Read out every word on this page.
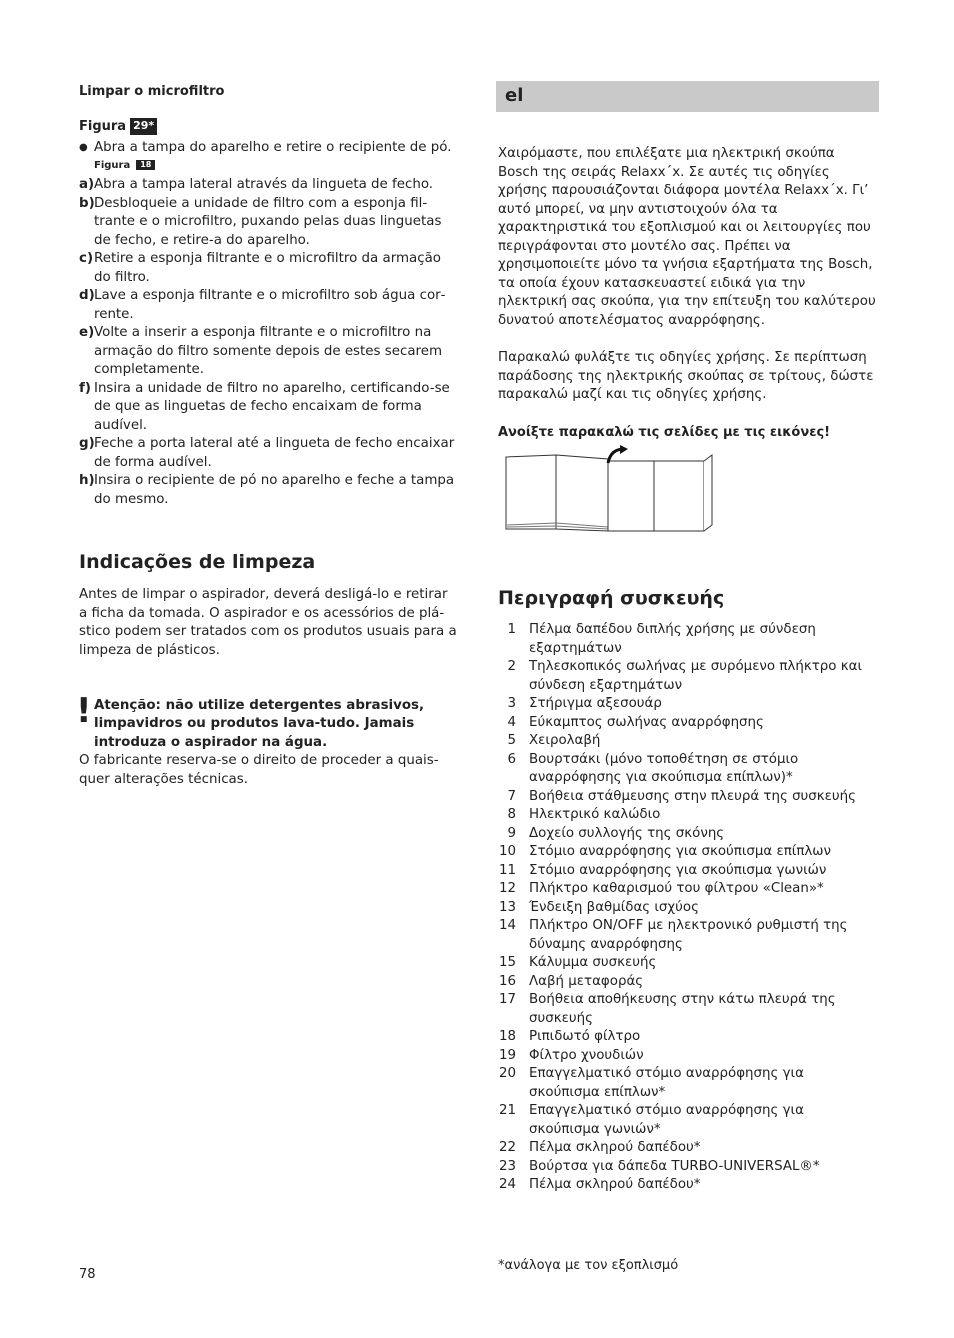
Limpar o microfiltro
Figura 29*
● Abra a tampa do aparelho e retire o recipiente de pó.
Figura 18
a) Abra a tampa lateral através da lingueta de fecho.
b) Desbloqueie a unidade de filtro com a esponja filtrante e o microfiltro, puxando pelas duas linguetas de fecho, e retire-a do aparelho.
c) Retire a esponja filtrante e o microfiltro da armação do filtro.
d) Lave a esponja filtrante e o microfiltro sob água corrente.
e) Volte a inserir a esponja filtrante e o microfiltro na armação do filtro somente depois de estes secarem completamente.
f) Insira a unidade de filtro no aparelho, certificando-se de que as linguetas de fecho encaixam de forma audível.
g) Feche a porta lateral até a lingueta de fecho encaixar de forma audível.
h) Insira o recipiente de pó no aparelho e feche a tampa do mesmo.
Indicações de limpeza

Antes de limpar o aspirador, deverá desligá-lo e retirar a ficha da tomada. O aspirador e os acessórios de plástico podem ser tratados com os produtos usuais para a limpeza de plásticos.

! Atenção: não utilize detergentes abrasivos, limpavidros ou produtos lava-tudo. Jamais introduza o aspirador na água.

O fabricante reserva-se o direito de proceder a quaisquer alterações técnicas.

78
el

Χαιρόμαστε, που επιλέξατε μια ηλεκτρική σκούπα Bosch της σειράς Relaxx΄x. Σε αυτές τις οδηγίες χρήσης παρουσιάζονται διάφορα μοντέλα Relaxx΄x. Γι’ αυτό μπορεί, να μην αντιστοιχούν όλα τα χαρακτηριστικά του εξοπλισμού και οι λειτουργίες που περιγράφονται στο μοντέλο σας. Πρέπει να χρησιμοποιείτε μόνο τα γνήσια εξαρτήματα της Bosch, τα οποία έχουν κατασκευαστεί ειδικά για την ηλεκτρική σας σκούπα, για την επίτευξη του καλύτερου δυνατού αποτελέσματος αναρρόφησης.

Παρακαλώ φυλάξτε τις οδηγίες χρήσης. Σε περίπτωση παράδοσης της ηλεκτρικής σκούπας σε τρίτους, δώστε παρακαλώ μαζί και τις οδηγίες χρήσης.

Ανοίξτε παρακαλώ τις σελίδες με τις εικόνες!
Περιγραφή συσκευής
1 Πέλμα δαπέδου διπλής χρήσης με σύνδεση εξαρτημάτων
2 Τηλεσκοπικός σωλήνας με συρόμενο πλήκτρο και σύνδεση εξαρτημάτων
3 Στήριγμα αξεσουάρ
4 Εύκαμπτος σωλήνας αναρρόφησης
5 Χειρολαβή
6 Βουρτσάκι (μόνο τοποθέτηση σε στόμιο αναρρόφησης για σκούπισμα επίπλων)*
7 Βοήθεια στάθμευσης στην πλευρά της συσκευής
8 Ηλεκτρικό καλώδιο
9 Δοχείο συλλογής της σκόνης
10 Στόμιο αναρρόφησης για σκούπισμα επίπλων
11 Στόμιο αναρρόφησης για σκούπισμα γωνιών
12 Πλήκτρο καθαρισμού του φίλτρου «Clean»*
13 Ένδειξη βαθμίδας ισχύος
14 Πλήκτρο ON/OFF με ηλεκτρονικό ρυθμιστή της δύναμης αναρρόφησης
15 Κάλυμμα συσκευής
16 Λαβή μεταφοράς
17 Βοήθεια αποθήκευσης στην κάτω πλευρά της συσκευής
18 Ριπιδωτό φίλτρο
19 Φίλτρο χνουδιών
20 Επαγγελματικό στόμιο αναρρόφησης για σκούπισμα επίπλων*
21 Επαγγελματικό στόμιο αναρρόφησης για σκούπισμα γωνιών*
22 Πέλμα σκληρού δαπέδου*
23 Βούρτσα για δάπεδα TURBO-UNIVERSAL®*
24 Πέλμα σκληρού δαπέδου*
*ανάλογα με τον εξοπλισμό
